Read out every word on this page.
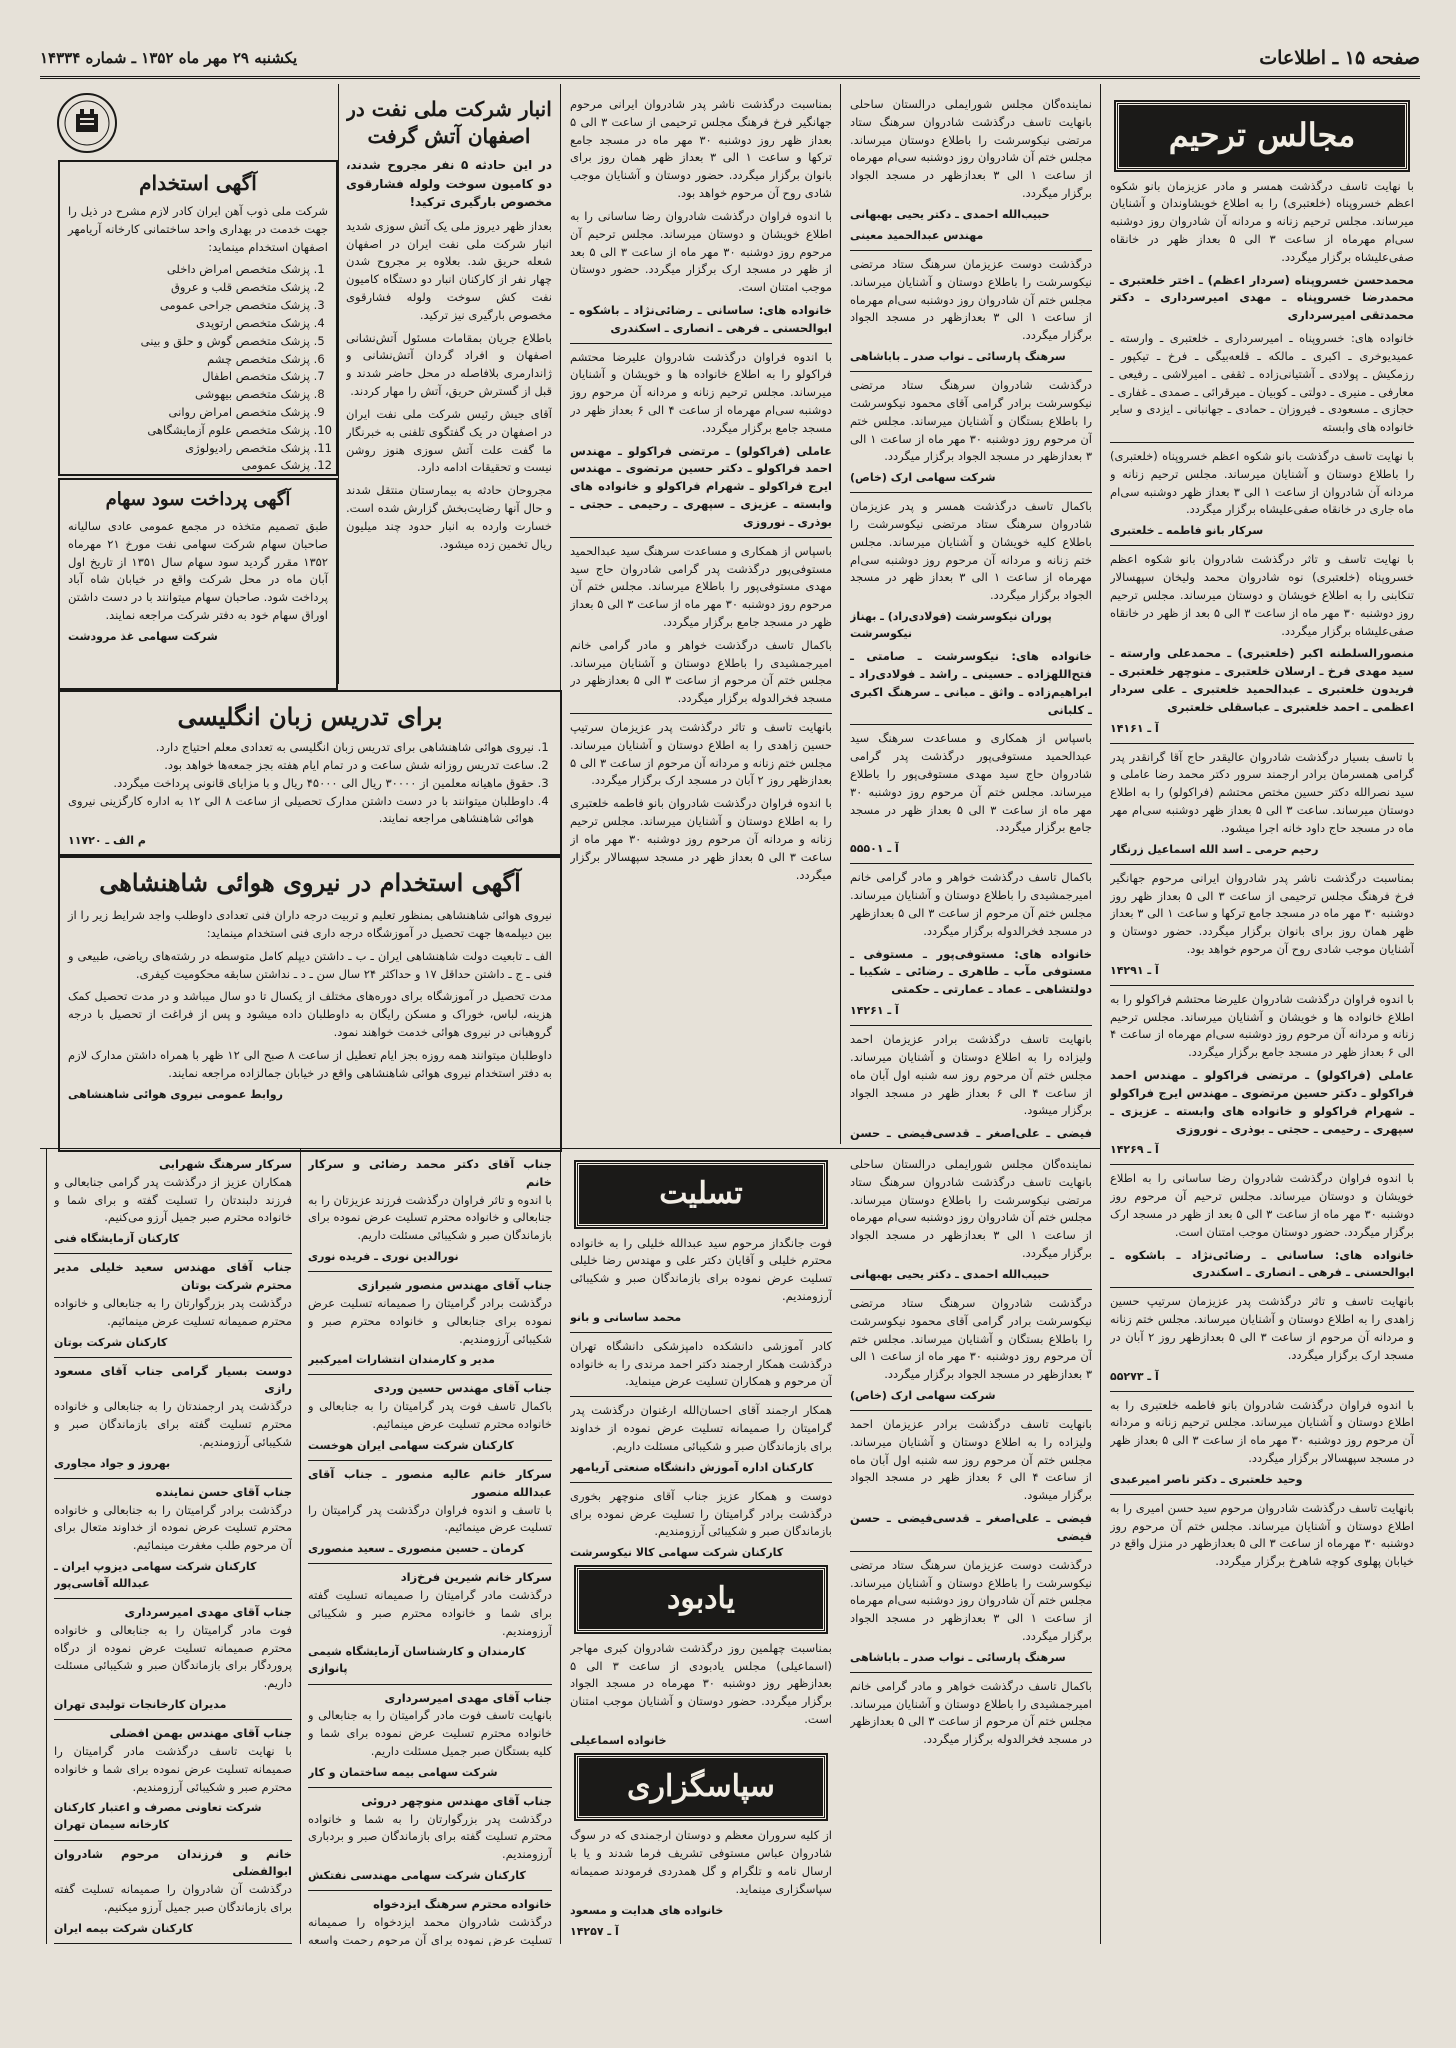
صفحه ۱۵ ـ اطلاعات
یکشنبه ۲۹ مهر ماه ۱۳۵۲ ـ شماره ۱۴۳۳۴
مجالس ترحیم

با نهایت تاسف درگذشت همسر و مادر عزیزمان بانو شکوه اعظم خسروپناه (خلعتبری) را به اطلاع خویشاوندان و آشنایان میرساند. مجلس ترحیم زنانه و مردانه آن شادروان روز دوشنبه سی‌ام مهرماه از ساعت ۳ الی ۵ بعداز ظهر در خانقاه صفی‌علیشاه برگزار میگردد.

محمدحسن خسروپناه (سردار اعظم) ـ اختر خلعتبری ـ محمدرضا خسروپناه ـ مهدی امیرسرداری ـ دکتر محمدتقی امیرسرداری

خانواده های: خسروپناه ـ امیرسرداری ـ خلعتبری ـ وارسته ـ عمیدیوخری ـ اکبری ـ مالکه ـ قلعه‌بیگی ـ فرخ ـ تیکپور ـ رزمکیش ـ پولادی ـ آشتیانی‌زاده ـ ثقفی ـ امیرلاشی ـ رفیعی ـ معارفی ـ منیری ـ دولتی ـ کوبیان ـ میرقرائی ـ صمدی ـ غفاری ـ حجازی ـ مسعودی ـ فیروزان ـ حمادی ـ جهانبانی ـ ایزدی و سایر خانواده های وابسته

با نهایت تاسف درگذشت بانو شکوه اعظم خسروپناه (خلعتبری) را باطلاع دوستان و آشنایان میرساند. مجلس ترحیم زنانه و مردانه آن شادروان از ساعت ۱ الی ۳ بعداز ظهر دوشنبه سی‌ام ماه جاری در خانقاه صفی‌علیشاه برگزار میگردد.

سرکار بانو فاطمه ـ خلعتبری

با نهایت تاسف و تاثر درگذشت شادروان بانو شکوه اعظم خسروپناه (خلعتبری) نوه شادروان محمد ولیخان سپهسالار تنکابنی را به اطلاع خویشان و دوستان میرساند. مجلس ترحیم روز دوشنبه ۳۰ مهر ماه از ساعت ۳ الی ۵ بعد از ظهر در خانقاه صفی‌علیشاه برگزار میگردد.

منصورالسلطنه اکبر (خلعتبری) ـ محمدعلی وارسته ـ سید مهدی فرخ ـ ارسلان خلعتبری ـ منوچهر خلعتبری ـ فریدون خلعتبری ـ عبدالحمید خلعتبری ـ علی سردار اعظمی ـ احمد خلعتبری ـ عباسقلی خلعتبری

آ ـ ۱۴۱۶۱

با تاسف بسیار درگذشت شادروان عالیقدر حاج آقا گرانقدر پدر گرامی همسرمان برادر ارجمند سرور دکتر محمد رضا عاملی و سید نصرالله دکتر حسین مختص محتشم (فراکولو) را به اطلاع دوستان میرساند. ساعت ۳ الی ۵ بعداز ظهر دوشنبه سی‌ام مهر ماه در مسجد حاج داود خانه اجرا میشود.

رحیم حرمی ـ اسد الله اسماعیل زرنگار

بمناسبت درگذشت ناشر پدر شادروان ایرانی مرحوم جهانگیر فرخ فرهنگ مجلس ترحیمی از ساعت ۳ الی ۵ بعداز ظهر روز دوشنبه ۳۰ مهر ماه در مسجد جامع ترکها و ساعت ۱ الی ۳ بعداز ظهر همان روز برای بانوان برگزار میگردد. حضور دوستان و آشنایان موجب شادی روح آن مرحوم خواهد بود.

آ ـ ۱۴۲۹۱

با اندوه فراوان درگذشت شادروان علیرضا محتشم فراکولو را به اطلاع خانواده ها و خویشان و آشنایان میرساند. مجلس ترحیم زنانه و مردانه آن مرحوم روز دوشنبه سی‌ام مهرماه از ساعت ۴ الی ۶ بعداز ظهر در مسجد جامع برگزار میگردد.

عاملی (فراکولو) ـ مرتضی فراکولو ـ مهندس احمد فراکولو ـ دکتر حسین مرتضوی ـ مهندس ایرج فراکولو ـ شهرام فراکولو و خانواده های وابسته ـ عزیزی ـ سپهری ـ رحیمی ـ حجتی ـ بوذری ـ نوروزی

آ ـ ۱۴۲۶۹

با اندوه فراوان درگذشت شادروان رضا ساسانی را به اطلاع خویشان و دوستان میرساند. مجلس ترحیم آن مرحوم روز دوشنبه ۳۰ مهر ماه از ساعت ۳ الی ۵ بعد از ظهر در مسجد ارک برگزار میگردد. حضور دوستان موجب امتنان است.

خانواده های: ساسانی ـ رضائی‌نژاد ـ باشکوه ـ ابوالحسنی ـ فرهی ـ انصاری ـ اسکندری

بانهایت تاسف و تاثر درگذشت پدر عزیزمان سرتیپ حسین زاهدی را به اطلاع دوستان و آشنایان میرساند. مجلس ختم زنانه و مردانه آن مرحوم از ساعت ۳ الی ۵ بعدازظهر روز ۲ آبان در مسجد ارک برگزار میگردد.

آ ـ ۵۵۲۷۳

با اندوه فراوان درگذشت شادروان بانو فاطمه خلعتبری را به اطلاع دوستان و آشنایان میرساند. مجلس ترحیم زنانه و مردانه آن مرحوم روز دوشنبه ۳۰ مهر ماه از ساعت ۳ الی ۵ بعداز ظهر در مسجد سپهسالار برگزار میگردد.

وحید خلعتبری ـ دکتر ناصر امیرعبدی

بانهایت تاسف درگذشت شادروان مرحوم سید حسن امیری را به اطلاع دوستان و آشنایان میرساند. مجلس ختم آن مرحوم روز دوشنبه ۳۰ مهرماه از ساعت ۳ الی ۵ بعدازظهر در منزل واقع در خیابان پهلوی کوچه شاهرخ برگزار میگردد.

نماینده‌گان مجلس شورایملی درالستان ساحلی بانهایت تاسف درگذشت شادروان سرهنگ ستاد مرتضی نیکوسرشت را باطلاع دوستان میرساند. مجلس ختم آن شادروان روز دوشنبه سی‌ام مهرماه از ساعت ۱ الی ۳ بعدازظهر در مسجد الجواد برگزار میگردد.

حبیب‌الله احمدی ـ دکتر یحیی بهبهانی
مهندس عبدالحمید معینی

درگذشت دوست عزیزمان سرهنگ ستاد مرتضی نیکوسرشت را باطلاع دوستان و آشنایان میرساند. مجلس ختم آن شادروان روز دوشنبه سی‌ام مهرماه از ساعت ۱ الی ۳ بعدازظهر در مسجد الجواد برگزار میگردد.

سرهنگ پارسائی ـ نواب صدر ـ باباشاهی

درگذشت شادروان سرهنگ ستاد مرتضی نیکوسرشت برادر گرامی آقای محمود نیکوسرشت را باطلاع بستگان و آشنایان میرساند. مجلس ختم آن مرحوم روز دوشنبه ۳۰ مهر ماه از ساعت ۱ الی ۳ بعدازظهر در مسجد الجواد برگزار میگردد.

شرکت سهامی ارک (خاص)

باکمال تاسف درگذشت همسر و پدر عزیزمان شادروان سرهنگ ستاد مرتضی نیکوسرشت را باطلاع کلیه خویشان و آشنایان میرساند. مجلس ختم زنانه و مردانه آن مرحوم روز دوشنبه سی‌ام مهرماه از ساعت ۱ الی ۳ بعداز ظهر در مسجد الجواد برگزار میگردد.

پوران نیکوسرشت (فولادی‌راد) ـ بهناز نیکوسرشت

خانواده های: نیکوسرشت ـ صامتی ـ فتح‌اللهزاده ـ حسینی ـ راشد ـ فولادی‌راد ـ ابراهیم‌زاده ـ واثق ـ مبانی ـ سرهنگ اکبری ـ کلبانی

باسپاس از همکاری و مساعدت سرهنگ سید عبدالحمید مستوفی‌پور درگذشت پدر گرامی شادروان حاج سید مهدی مستوفی‌پور را باطلاع میرساند. مجلس ختم آن مرحوم روز دوشنبه ۳۰ مهر ماه از ساعت ۳ الی ۵ بعداز ظهر در مسجد جامع برگزار میگردد.

آ ـ ۵۵۵۰۱

باکمال تاسف درگذشت خواهر و مادر گرامی خانم امیرجمشیدی را باطلاع دوستان و آشنایان میرساند. مجلس ختم آن مرحوم از ساعت ۳ الی ۵ بعدازظهر در مسجد فخرالدوله برگزار میگردد.

خانواده های: مستوفی‌پور ـ مستوفی ـ مستوفی مآب ـ طاهری ـ رضائی ـ شکیبا ـ دولتشاهی ـ عماد ـ عمارتی ـ حکمتی

آ ـ ۱۴۲۶۱

بانهایت تاسف درگذشت برادر عزیزمان احمد ولیزاده را به اطلاع دوستان و آشنایان میرساند. مجلس ختم آن مرحوم روز سه شنبه اول آبان ماه از ساعت ۴ الی ۶ بعداز ظهر در مسجد الجواد برگزار میشود.

فیضی ـ علی‌اصغر ـ قدسی‌فیضی ـ حسن

بمناسبت درگذشت ناشر پدر شادروان ایرانی مرحوم جهانگیر فرخ فرهنگ مجلس ترحیمی از ساعت ۳ الی ۵ بعداز ظهر روز دوشنبه ۳۰ مهر ماه در مسجد جامع ترکها و ساعت ۱ الی ۳ بعداز ظهر همان روز برای بانوان برگزار میگردد. حضور دوستان و آشنایان موجب شادی روح آن مرحوم خواهد بود.

با اندوه فراوان درگذشت شادروان رضا ساسانی را به اطلاع خویشان و دوستان میرساند. مجلس ترحیم آن مرحوم روز دوشنبه ۳۰ مهر ماه از ساعت ۳ الی ۵ بعد از ظهر در مسجد ارک برگزار میگردد. حضور دوستان موجب امتنان است.

خانواده های: ساسانی ـ رضائی‌نژاد ـ باشکوه ـ ابوالحسنی ـ فرهی ـ انصاری ـ اسکندری

با اندوه فراوان درگذشت شادروان علیرضا محتشم فراکولو را به اطلاع خانواده ها و خویشان و آشنایان میرساند. مجلس ترحیم زنانه و مردانه آن مرحوم روز دوشنبه سی‌ام مهرماه از ساعت ۴ الی ۶ بعداز ظهر در مسجد جامع برگزار میگردد.

عاملی (فراکولو) ـ مرتضی فراکولو ـ مهندس احمد فراکولو ـ دکتر حسین مرتضوی ـ مهندس ایرج فراکولو ـ شهرام فراکولو و خانواده های وابسته ـ عزیزی ـ سپهری ـ رحیمی ـ حجتی ـ بوذری ـ نوروزی

باسپاس از همکاری و مساعدت سرهنگ سید عبدالحمید مستوفی‌پور درگذشت پدر گرامی شادروان حاج سید مهدی مستوفی‌پور را باطلاع میرساند. مجلس ختم آن مرحوم روز دوشنبه ۳۰ مهر ماه از ساعت ۳ الی ۵ بعداز ظهر در مسجد جامع برگزار میگردد.

باکمال تاسف درگذشت خواهر و مادر گرامی خانم امیرجمشیدی را باطلاع دوستان و آشنایان میرساند. مجلس ختم آن مرحوم از ساعت ۳ الی ۵ بعدازظهر در مسجد فخرالدوله برگزار میگردد.

بانهایت تاسف و تاثر درگذشت پدر عزیزمان سرتیپ حسین زاهدی را به اطلاع دوستان و آشنایان میرساند. مجلس ختم زنانه و مردانه آن مرحوم از ساعت ۳ الی ۵ بعدازظهر روز ۲ آبان در مسجد ارک برگزار میگردد.

با اندوه فراوان درگذشت شادروان بانو فاطمه خلعتبری را به اطلاع دوستان و آشنایان میرساند. مجلس ترحیم زنانه و مردانه آن مرحوم روز دوشنبه ۳۰ مهر ماه از ساعت ۳ الی ۵ بعداز ظهر در مسجد سپهسالار برگزار میگردد.

انبار شرکت ملی نفت در اصفهان آتش گرفت
در این حادثه ۵ نفر مجروح شدند، دو کامیون سوخت ولوله فشارقوی مخصوص بارگیری ترکید!

بعداز ظهر دیروز ملی یک آتش سوزی شدید انبار شرکت ملی نفت ایران در اصفهان شعله حریق شد. بعلاوه بر مجروح شدن چهار نفر از کارکنان انبار دو دستگاه کامیون نفت کش سوخت ولوله فشارقوی مخصوص بارگیری نیز ترکید.

باطلاع جریان بمقامات مسئول آتش‌نشانی اصفهان و افراد گردان آتش‌نشانی و ژاندارمری بلافاصله در محل حاضر شدند و قبل از گسترش حریق، آتش را مهار کردند.

آقای جیش رئیس شرکت ملی نفت ایران در اصفهان در یک گفتگوی تلفنی به خبرنگار ما گفت علت آتش سوزی هنوز روشن نیست و تحقیقات ادامه دارد.

مجروحان حادثه به بیمارستان منتقل شدند و حال آنها رضایت‌بخش گزارش شده است. خسارت وارده به انبار حدود چند میلیون ریال تخمین زده میشود.

آگهی استخدام

شرکت ملی ذوب آهن ایران کادر لازم مشرح در ذیل را جهت خدمت در بهداری واحد ساختمانی کارخانه آریامهر اصفهان استخدام مینماید:

1. پزشک متخصص امراض داخلی
2. پزشک متخصص قلب و عروق
3. پزشک متخصص جراحی عمومی
4. پزشک متخصص ارتوپدی
5. پزشک متخصص گوش و حلق و بینی
6. پزشک متخصص چشم
7. پزشک متخصص اطفال
8. پزشک متخصص بیهوشی
9. پزشک متخصص امراض روانی
10. پزشک متخصص علوم آزمایشگاهی
11. پزشک متخصص رادیولوژی
12. پزشک عمومی
13.

آگهی پرداخت سود سهام

طبق تصمیم متخذه در مجمع عمومی عادی سالیانه صاحبان سهام شرکت سهامی نفت مورخ ۲۱ مهرماه ۱۳۵۲ مقرر گردید سود سهام سال ۱۳۵۱ از تاریخ اول آبان ماه در محل شرکت واقع در خیابان شاه آباد پرداخت شود. صاحبان سهام میتوانند با در دست داشتن اوراق سهام خود به دفتر شرکت مراجعه نمایند.

شرکت سهامی غذ مرودشت
برای تدریس زبان انگلیسی
1. نیروی هوائی شاهنشاهی برای تدریس زبان انگلیسی به تعدادی معلم احتیاج دارد.
2. ساعت تدریس روزانه شش ساعت و در تمام ایام هفته بجز جمعه‌ها خواهد بود.
3. حقوق ماهیانه معلمین از ۳۰۰۰۰ ریال الی ۴۵۰۰۰ ریال و با مزایای قانونی پرداخت میگردد.
4. داوطلبان میتوانند با در دست داشتن مدارک تحصیلی از ساعت ۸ الی ۱۲ به اداره کارگزینی نیروی هوائی شاهنشاهی مراجعه نمایند.
م الف ـ ۱۱۷۲۰
آگهی استخدام در نیروی هوائی شاهنشاهی

نیروی هوائی شاهنشاهی بمنظور تعلیم و تربیت درجه داران فنی تعدادی داوطلب واجد شرایط زیر را از بین دیپلمه‌ها جهت تحصیل در آموزشگاه درجه داری فنی استخدام مینماید:

الف ـ تابعیت دولت شاهنشاهی ایران ـ ب ـ داشتن دیپلم کامل متوسطه در رشته‌های ریاضی، طبیعی و فنی ـ ج ـ داشتن حداقل ۱۷ و حداکثر ۲۴ سال سن ـ د ـ نداشتن سابقه محکومیت کیفری.

مدت تحصیل در آموزشگاه برای دوره‌های مختلف از یکسال تا دو سال میباشد و در مدت تحصیل کمک هزینه، لباس، خوراک و مسکن رایگان به داوطلبان داده میشود و پس از فراغت از تحصیل با درجه گروهبانی در نیروی هوائی خدمت خواهند نمود.

داوطلبان میتوانند همه روزه بجز ایام تعطیل از ساعت ۸ صبح الی ۱۲ ظهر با همراه داشتن مدارک لازم به دفتر استخدام نیروی هوائی شاهنشاهی واقع در خیابان جمالزاده مراجعه نمایند.

روابط عمومی نیروی هوائی شاهنشاهی

نماینده‌گان مجلس شورایملی درالستان ساحلی بانهایت تاسف درگذشت شادروان سرهنگ ستاد مرتضی نیکوسرشت را باطلاع دوستان میرساند. مجلس ختم آن شادروان روز دوشنبه سی‌ام مهرماه از ساعت ۱ الی ۳ بعدازظهر در مسجد الجواد برگزار میگردد.

حبیب‌الله احمدی ـ دکتر یحیی بهبهانی

درگذشت شادروان سرهنگ ستاد مرتضی نیکوسرشت برادر گرامی آقای محمود نیکوسرشت را باطلاع بستگان و آشنایان میرساند. مجلس ختم آن مرحوم روز دوشنبه ۳۰ مهر ماه از ساعت ۱ الی ۳ بعدازظهر در مسجد الجواد برگزار میگردد.

شرکت سهامی ارک (خاص)

بانهایت تاسف درگذشت برادر عزیزمان احمد ولیزاده را به اطلاع دوستان و آشنایان میرساند. مجلس ختم آن مرحوم روز سه شنبه اول آبان ماه از ساعت ۴ الی ۶ بعداز ظهر در مسجد الجواد برگزار میشود.

فیضی ـ علی‌اصغر ـ قدسی‌فیضی ـ حسن فیضی

درگذشت دوست عزیزمان سرهنگ ستاد مرتضی نیکوسرشت را باطلاع دوستان و آشنایان میرساند. مجلس ختم آن شادروان روز دوشنبه سی‌ام مهرماه از ساعت ۱ الی ۳ بعدازظهر در مسجد الجواد برگزار میگردد.

سرهنگ پارسائی ـ نواب صدر ـ باباشاهی

باکمال تاسف درگذشت خواهر و مادر گرامی خانم امیرجمشیدی را باطلاع دوستان و آشنایان میرساند. مجلس ختم آن مرحوم از ساعت ۳ الی ۵ بعدازظهر در مسجد فخرالدوله برگزار میگردد.

تسلیت

فوت جانگداز مرحوم سید عبدالله خلیلی را به خانواده محترم خلیلی و آقایان دکتر علی و مهندس رضا خلیلی تسلیت عرض نموده برای بازماندگان صبر و شکیبائی آرزومندیم.

محمد ساسانی و بانو

کادر آموزشی دانشکده دامپزشکی دانشگاه تهران درگذشت همکار ارجمند دکتر احمد مرندی را به خانواده آن مرحوم و همکاران تسلیت عرض مینماید.

همکار ارجمند آقای احسان‌الله ارغنوان درگذشت پدر گرامیتان را صمیمانه تسلیت عرض نموده از خداوند برای بازماندگان صبر و شکیبائی مسئلت داریم.

کارکنان اداره آموزش دانشگاه صنعتی آریامهر

دوست و همکار عزیز جناب آقای منوچهر بخوری درگذشت برادر گرامیتان را تسلیت عرض نموده برای بازماندگان صبر و شکیبائی آرزومندیم.

کارکنان شرکت سهامی کالا نیکوسرشت
یادبود

بمناسبت چهلمین روز درگذشت شادروان کبری مهاجر (اسماعیلی) مجلس یادبودی از ساعت ۳ الی ۵ بعدازظهر روز دوشنبه ۳۰ مهرماه در مسجد الجواد برگزار میگردد. حضور دوستان و آشنایان موجب امتنان است.

خانواده اسماعیلی
سپاسگزاری

از کلیه سروران معظم و دوستان ارجمندی که در سوگ شادروان عباس مستوفی تشریف فرما شدند و یا با ارسال نامه و تلگرام و گل همدردی فرمودند صمیمانه سپاسگزاری مینماید.

خانواده های هدایت و مسعود
آ ـ ۱۴۲۵۷
جناب آقای دکتر محمد رضائی و سرکار خانم

با اندوه و تاثر فراوان درگذشت فرزند عزیزتان را به جنابعالی و خانواده محترم تسلیت عرض نموده برای بازماندگان صبر و شکیبائی مسئلت داریم.

نورالدین نوری ـ فریده نوری
جناب آقای مهندس منصور شیرازی

درگذشت برادر گرامیتان را صمیمانه تسلیت عرض نموده برای جنابعالی و خانواده محترم صبر و شکیبائی آرزومندیم.

مدیر و کارمندان انتشارات امیرکبیر
جناب آقای مهندس حسین وردی

باکمال تاسف فوت پدر گرامیتان را به جنابعالی و خانواده محترم تسلیت عرض مینمائیم.

کارکنان شرکت سهامی ایران هوخست
سرکار خانم عالیه منصور ـ جناب آقای عبدالله منصور

با تاسف و اندوه فراوان درگذشت پدر گرامیتان را تسلیت عرض مینمائیم.

کرمان ـ حسین منصوری ـ سعید منصوری
سرکار خانم شیرین فرخ‌زاد

درگذشت مادر گرامیتان را صمیمانه تسلیت گفته برای شما و خانواده محترم صبر و شکیبائی آرزومندیم.

کارمندان و کارشناسان آزمایشگاه شیمی پانوازی
جناب آقای مهدی امیرسرداری

بانهایت تاسف فوت مادر گرامیتان را به جنابعالی و خانواده محترم تسلیت عرض نموده برای شما و کلیه بستگان صبر جمیل مسئلت داریم.

شرکت سهامی بیمه ساختمان و کار
جناب آقای مهندس منوچهر دروئی

درگذشت پدر بزرگوارتان را به شما و خانواده محترم تسلیت گفته برای بازماندگان صبر و بردباری آرزومندیم.

کارکنان شرکت سهامی مهندسی نفتکش
خانواده محترم سرهنگ ایزدخواه

درگذشت شادروان محمد ایزدخواه را صمیمانه تسلیت عرض نموده برای آن مرحوم رحمت واسعه

سرکار سرهنگ شهرابی

همکاران عزیز از درگذشت پدر گرامی جنابعالی و فرزند دلبندتان را تسلیت گفته و برای شما و خانواده محترم صبر جمیل آرزو می‌کنیم.

کارکنان آزمایشگاه فنی
جناب آقای مهندس سعید خلیلی مدیر محترم شرکت بوتان

درگذشت پدر بزرگوارتان را به جنابعالی و خانواده محترم صمیمانه تسلیت عرض مینمائیم.

کارکنان شرکت بوتان
دوست بسیار گرامی جناب آقای مسعود رازی

درگذشت پدر ارجمندتان را به جنابعالی و خانواده محترم تسلیت گفته برای بازماندگان صبر و شکیبائی آرزومندیم.

بهروز و جواد مجاوری
جناب آقای حسن نماینده

درگذشت برادر گرامیتان را به جنابعالی و خانواده محترم تسلیت عرض نموده از خداوند متعال برای آن مرحوم طلب مغفرت مینمائیم.

کارکنان شرکت سهامی دیزوپ ایران ـ عبدالله آقاسی‌پور
جناب آقای مهدی امیرسرداری

فوت مادر گرامیتان را به جنابعالی و خانواده محترم صمیمانه تسلیت عرض نموده از درگاه پروردگار برای بازماندگان صبر و شکیبائی مسئلت داریم.

مدیران کارخانجات تولیدی تهران
جناب آقای مهندس بهمن افضلی

با نهایت تاسف درگذشت مادر گرامیتان را صمیمانه تسلیت عرض نموده برای شما و خانواده محترم صبر و شکیبائی آرزومندیم.

شرکت تعاونی مصرف و اعتبار کارکنان کارخانه سیمان تهران
خانم و فرزندان مرحوم شادروان ابوالفضلی

درگذشت آن شادروان را صمیمانه تسلیت گفته برای بازماندگان صبر جمیل آرزو میکنیم.

کارکنان شرکت بیمه ایران
